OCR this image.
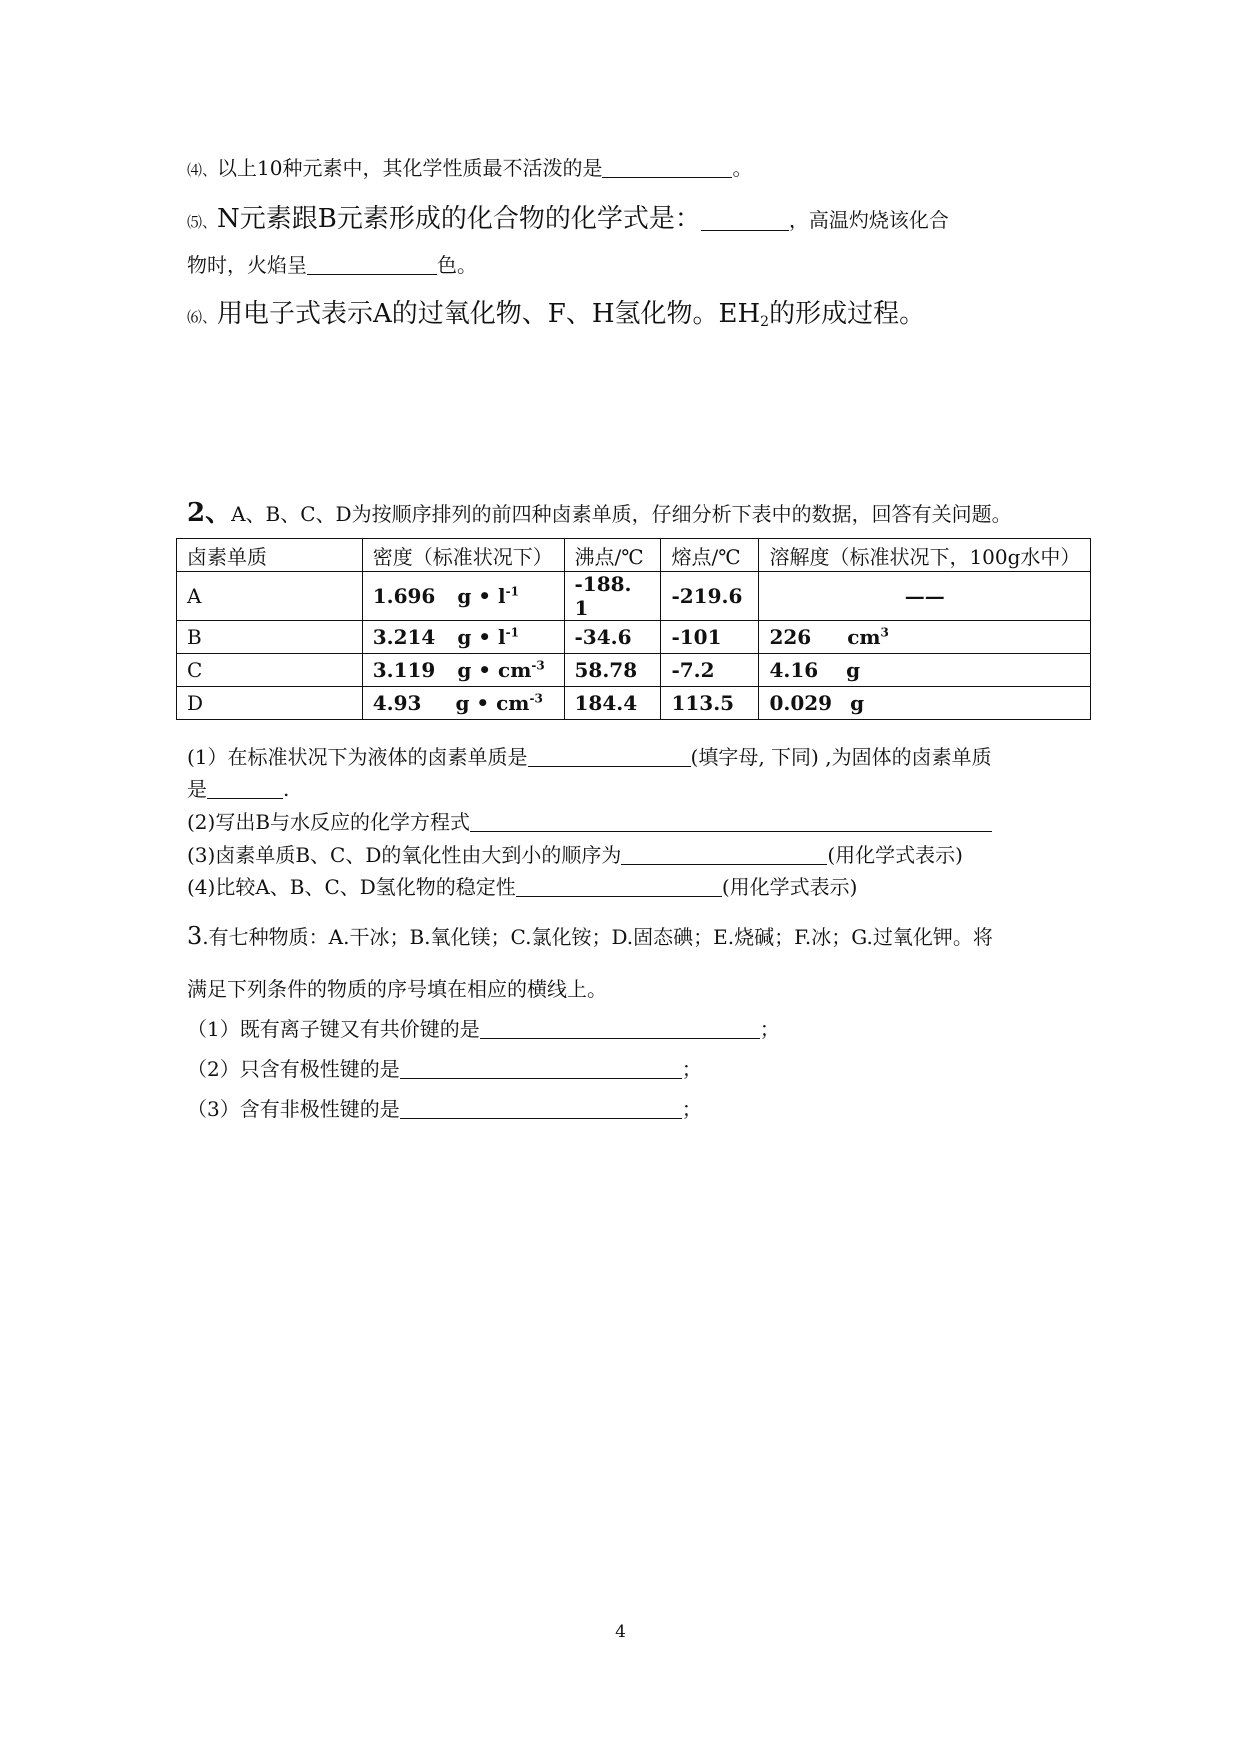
⑷、以上10种元素中，其化学性质最不活泼的是	。
⑸、N元素跟B元素形成的化合物的化学式是：	，高温灼烧该化合
物时，火焰呈	色。
⑹、用电子式表示A的过氧化物、F、H氢化物。$EH_2$的形成过程。
2、A、B、C、D为按顺序排列的前四种卤素单质，仔细分析下表中的数据，回答有关问题。
卤素单质	密度（标准状况下）	沸点/℃	熔点/℃	溶解度（标准状况下，100g水中）
A	1.696 g • $l^{-1}$	-188. 1	-219.6	——
B	3.214 g • $l^{-1}$	-34.6	-101	226 $cm^3$
C	3.119 g • $cm^{-3}$	58.78	-7.2	4.16 g
D	4.93 g • $cm^{-3}$	184.4	113.5	0.029 g
(1）在标准状况下为液体的卤素单质是	(填字母, 下同) ,为固体的卤素单质
是	.
(2)写出B与水反应的化学方程式
(3)卤素单质B、C、D的氧化性由大到小的顺序为	(用化学式表示)
(4)比较A、B、C、D氢化物的稳定性	(用化学式表示)
3.有七种物质：A.干冰；B.氧化镁；C.氯化铵；D.固态碘；E.烧碱；F.冰；G.过氧化钾。将
满足下列条件的物质的序号填在相应的横线上。
（1）既有离子键又有共价键的是	；
（2）只含有极性键的是	；
（3）含有非极性键的是	；
4
